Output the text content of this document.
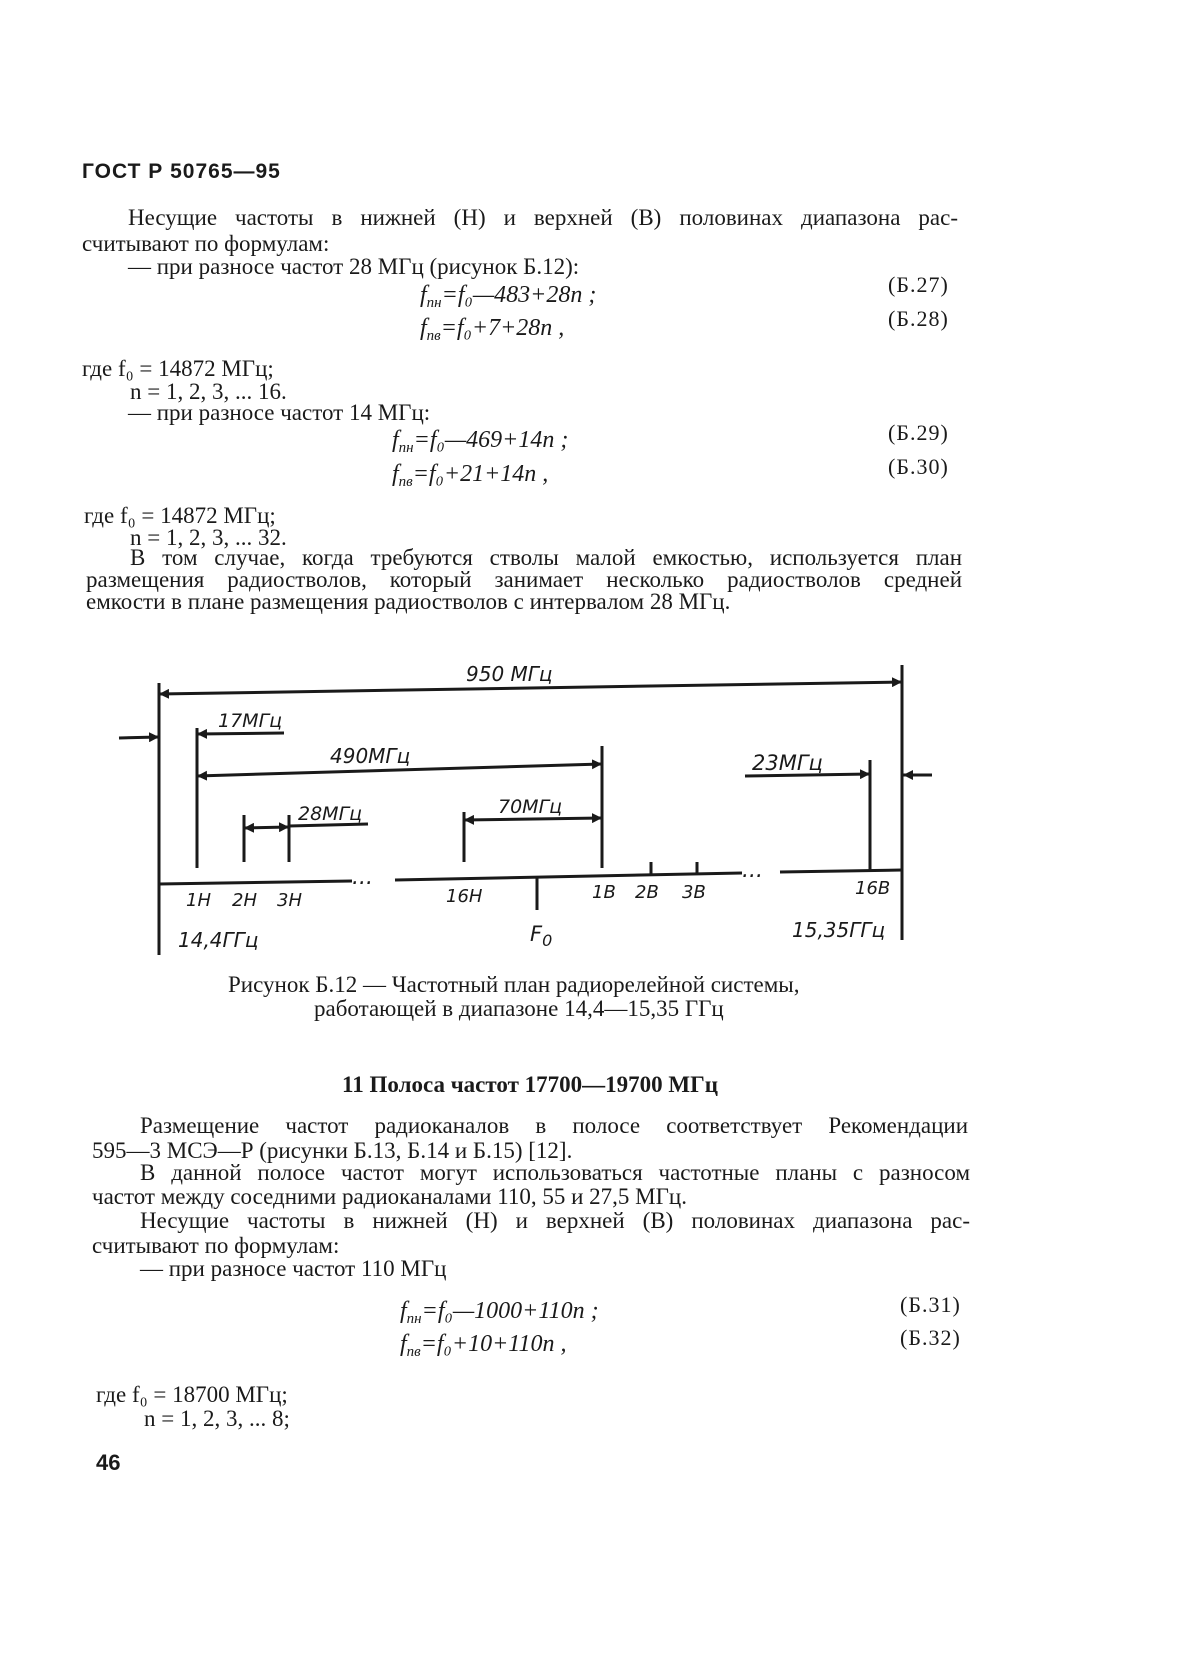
ГОСТ Р 50765—95
Несущие частоты в нижней (Н) и верхней (В) половинах диапазона рас-
считывают по формулам:
— при разносе частот 28 МГц (рисунок Б.12):
$f_{nн}=f_0—483+28n$ ;	(Б.27)
$f_{nв}=f_0+7+28n$ ,	(Б.28)
где f₀ = 14872 МГц;
n = 1, 2, 3, ... 16.
— при разносе частот 14 МГц:
$f_{nн}=f_0—469+14n$ ;	(Б.29)
$f_{nв}=f_0+21+14n$ ,	(Б.30)
где f₀ = 14872 МГц;
n = 1, 2, 3, ... 32.
В том случае, когда требуются стволы малой емкостью, используется план
размещения радиостволов, который занимает несколько радиостволов средней
емкости в плане размещения радиостволов с интервалом 28 МГц.
950 МГц
17МГц
490МГц	23МГц
28МГц	70МГц
...	...
1H 2H 3H	16H	1B 2B 3B	16B
14,4ГГц	$F_0$	15,35ГГц
Рисунок Б.12 — Частотный план радиорелейной системы,
работающей в диапазоне 14,4—15,35 ГГц
11 Полоса частот 17700—19700 МГц
Размещение частот радиоканалов в полосе соответствует Рекомендации
595—3 МСЭ—Р (рисунки Б.13, Б.14 и Б.15) [12].
В данной полосе частот могут использоваться частотные планы с разносом
частот между соседними радиоканалами 110, 55 и 27,5 МГц.
Несущие частоты в нижней (Н) и верхней (В) половинах диапазона рас-
считывают по формулам:
— при разносе частот 110 МГц
$f_{nн}=f_0—1000+110n$ ;	(Б.31)
$f_{nв}=f_0+10+110n$ ,	(Б.32)
где f₀ = 18700 МГц;
n = 1, 2, 3, ... 8;
46
